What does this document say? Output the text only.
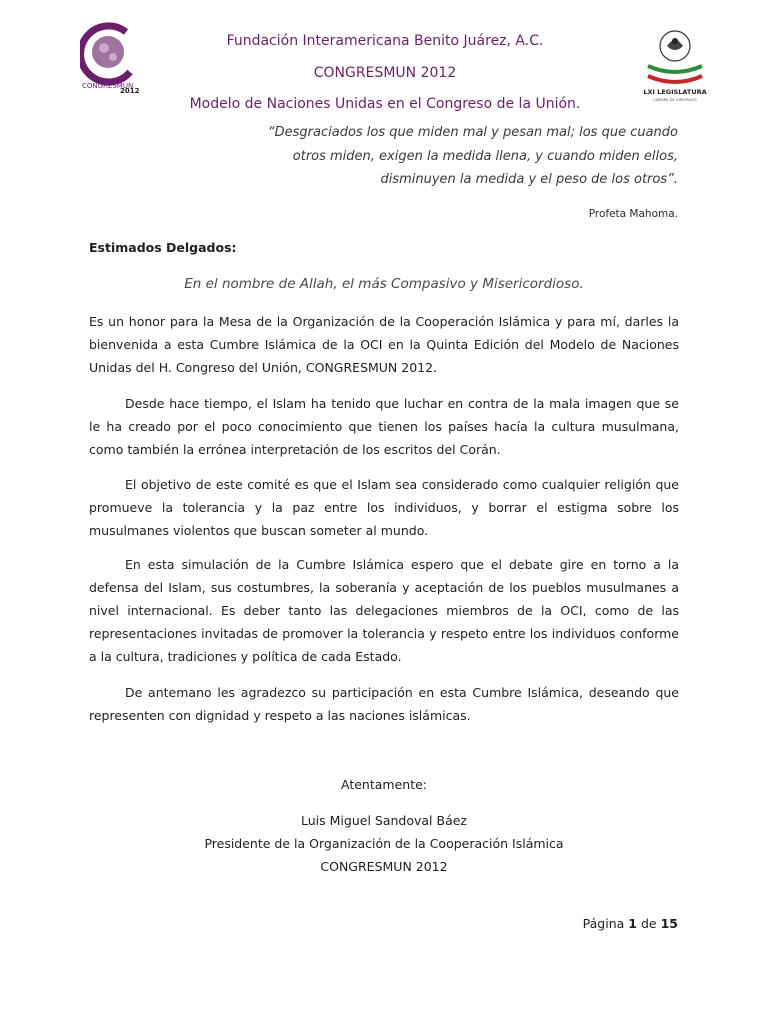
CONGRESMUN
2012	LXI LEGISLATURA
CÁMARA DE DIPUTADOS
Fundación Interamericana Benito Juárez, A.C.
CONGRESMUN 2012
Modelo de Naciones Unidas en el Congreso de la Unión.
“Desgraciados los que miden mal y pesan mal; los que cuando
otros miden, exigen la medida llena, y cuando miden ellos,
disminuyen la medida y el peso de los otros”.
Profeta Mahoma.
Estimados Delgados:
En el nombre de Allah, el más Compasivo y Misericordioso.
Es un honor para la Mesa de la Organización de la Cooperación Islámica y para mí, darles la bienvenida a esta Cumbre Islámica de la OCI en la Quinta Edición del Modelo de Naciones Unidas del H. Congreso del Unión, CONGRESMUN 2012.
Desde hace tiempo, el Islam ha tenido que luchar en contra de la mala imagen que se le ha creado por el poco conocimiento que tienen los países hacía la cultura musulmana, como también la errónea interpretación de los escritos del Corán.
El objetivo de este comité es que el Islam sea considerado como cualquier religión que promueve la tolerancia y la paz entre los individuos, y borrar el estigma sobre los musulmanes violentos que buscan someter al mundo.
En esta simulación de la Cumbre Islámica espero que el debate gire en torno a la defensa del Islam, sus costumbres, la soberanía y aceptación de los pueblos musulmanes a nivel internacional. Es deber tanto las delegaciones miembros de la OCI, como de las representaciones invitadas de promover la tolerancia y respeto entre los individuos conforme a la cultura, tradiciones y política de cada Estado.
De antemano les agradezco su participación en esta Cumbre Islámica, deseando que representen con dignidad y respeto a las naciones islámicas.
Atentamente:
Luis Miguel Sandoval Báez
Presidente de la Organización de la Cooperación Islámica
CONGRESMUN 2012
Página 1 de 15
